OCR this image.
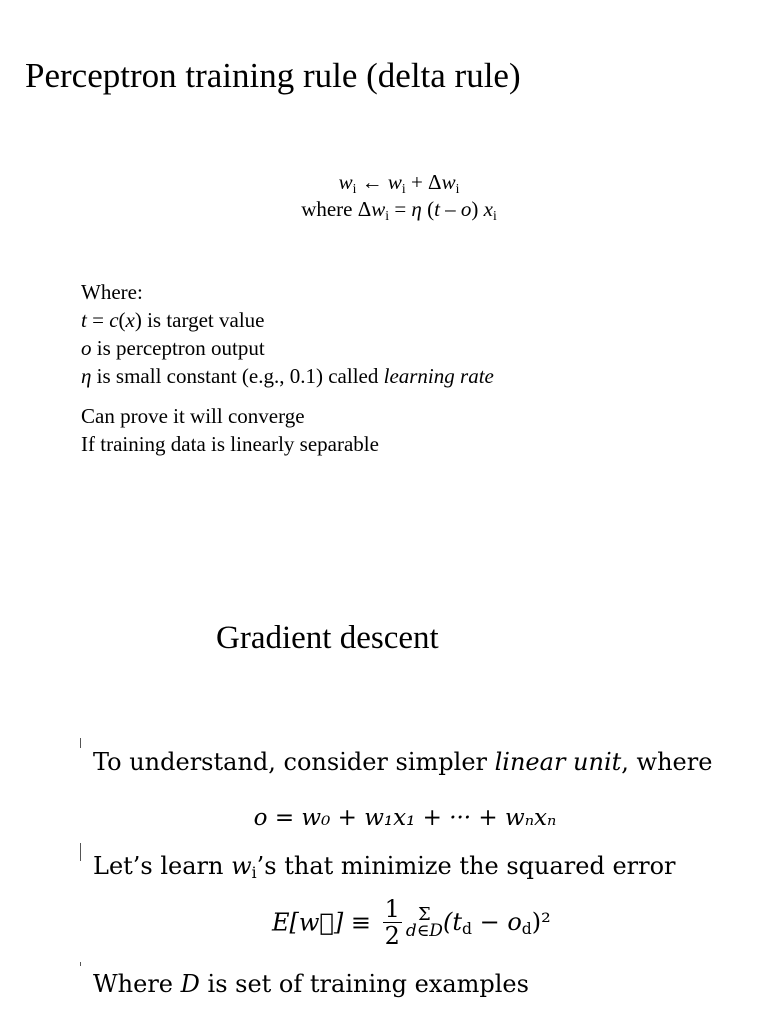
Perceptron training rule (delta rule)
$w_i$ ← $w_i + \Delta w_i$
where $\Delta w_i = \eta$ (t – o) $x_i$
Where:
t = c(x) is target value
o is perceptron output
η is small constant (e.g., 0.1) called learning rate
Can prove it will converge
If training data is linearly separable
Gradient descent
To understand, consider simpler linear unit, where
o = w₀ + w₁x₁ + ··· + wₙxₙ
Let’s learn $w_i’s$ that minimize the squared error
E[w⃗] ≡ $\frac{1}{2}$ Σ
d∈D $(t_d - o_d)^2$
Where D is set of training examples
